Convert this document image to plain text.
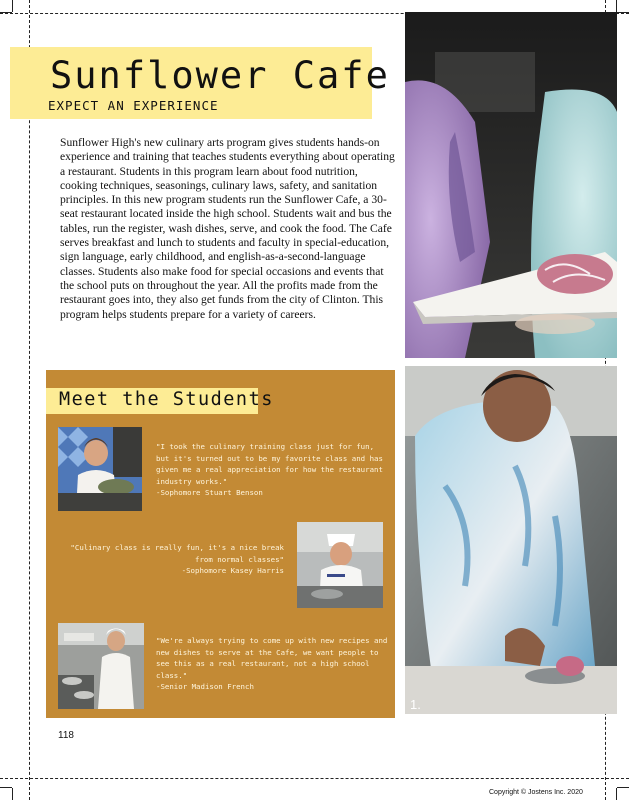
Sunflower Cafe
EXPECT AN EXPERIENCE
Sunflower High's new culinary arts program gives students hands-on experience and training that teaches students everything about operating a restaurant. Students in this program learn about food nutrition, cooking techniques, seasonings, culinary laws, safety, and sanitation principles. In this new program students run the Sunflower Cafe, a 30-seat restaurant located inside the high school. Students wait and bus the tables, run the register, wash dishes, serve, and cook the food. The Cafe serves breakfast and lunch to students and faculty in special-education, sign language, early childhood, and english-as-a-second-language classes. Students also make food for special occasions and events that the school puts on throughout the year. All the profits made from the restaurant goes into, they also get funds from the city of Clinton. This program helps students prepare for a variety of careers.
1.
Meet the Students
"I took the culinary training class just for fun, but it's turned out to be my favorite class and has given me a real appreciation for how the restaurant industry works."
-Sophomore Stuart Benson
"Culinary class is really fun, it's a nice break from normal classes"
-Sophomore Kasey Harris
"We're always trying to come up with new recipes and new dishes to serve at the Cafe, we want people to see this as a real restaurant, not a high school class."
-Senior Madison French
118
Copyright © Jostens Inc. 2020
